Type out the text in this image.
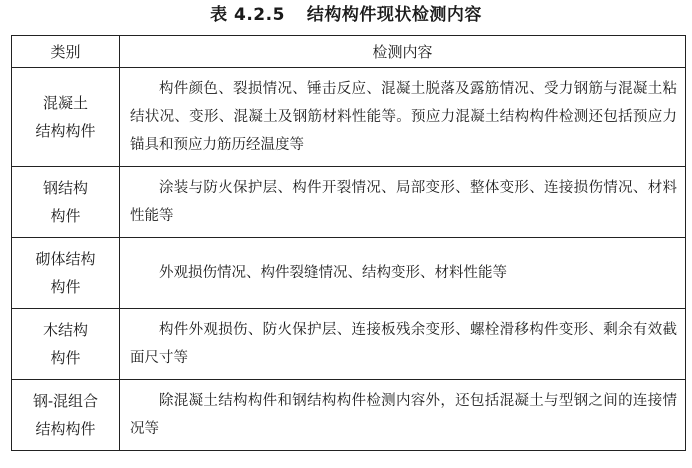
表 4.2.5 结构构件现状检测内容
类别	检测内容
混凝土
结构构件	构件颜色、裂损情况、锤击反应、混凝土脱落及露筋情况、受力钢筋与混凝土粘结状况、变形、混凝土及钢筋材料性能等。预应力混凝土结构构件检测还包括预应力锚具和预应力筋历经温度等
钢结构
构件	涂装与防火保护层、构件开裂情况、局部变形、整体变形、连接损伤情况、材料性能等
砌体结构
构件	外观损伤情况、构件裂缝情况、结构变形、材料性能等
木结构
构件	构件外观损伤、防火保护层、连接板残余变形、螺栓滑移构件变形、剩余有效截面尺寸等
钢-混组合
结构构件	除混凝土结构构件和钢结构构件检测内容外，还包括混凝土与型钢之间的连接情况等
